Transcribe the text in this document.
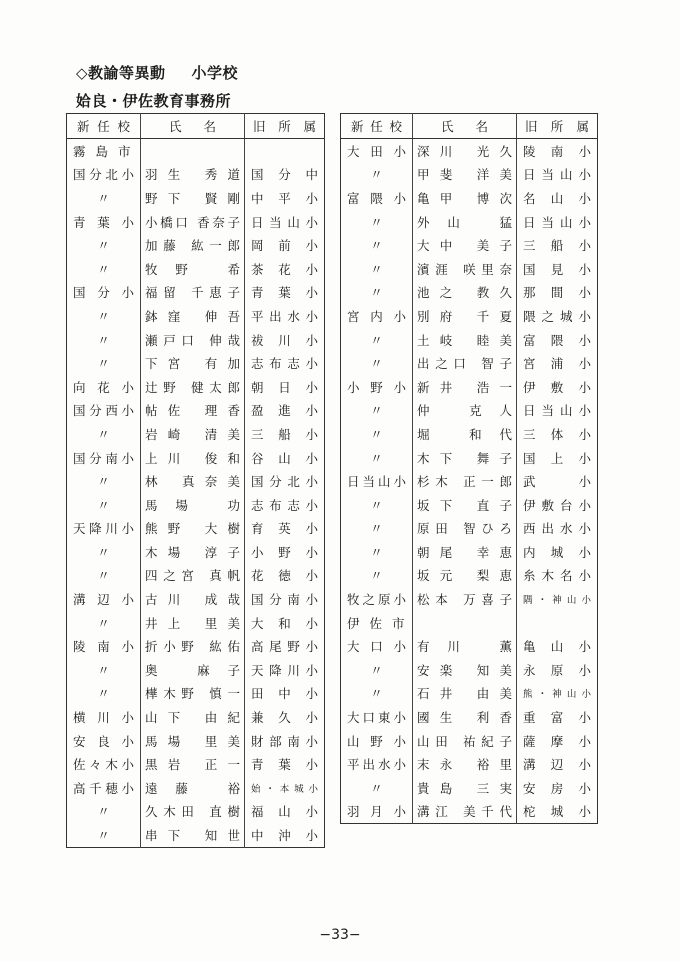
◇教諭等異動 小学校
姶良・伊佐教育事務所
新任校	氏名	旧所属
霧 島 市		
国分北小	羽生 秀道	国分中
〃	野下 賢剛	中平小
青葉小	小橋口 香奈子	日当山小
〃	加藤 紘一郎	岡前小
〃	牧野 希	茶花小
国分小	福留 千恵子	青葉小
〃	鉢窪 伸吾	平出水小
〃	瀬戸口 伸哉	祓川小
〃	下宮 有加	志布志小
向花小	辻野 健太郎	朝日小
国分西小	帖佐 理香	盈進小
〃	岩崎 清美	三船小
国分南小	上川 俊和	谷山小
〃	林 真奈美	国分北小
〃	馬場 功	志布志小
天降川小	熊野 大樹	育英小
〃	木場 淳子	小野小
〃	四之宮 真帆	花徳小
溝辺小	古川 成哉	国分南小
〃	井上 里美	大和小
陵南小	折小野 紘佑	高尾野小
〃	奥 麻子	天降川小
〃	樺木野 慎一	田中小
横川小	山下 由紀	兼久小
安良小	馬場 里美	財部南小
佐々木小	黒岩 正一	青葉小
高千穂小	遠藤 裕	始・本城小
〃	久木田 直樹	福山小
〃	串下 知世	中沖小
新任校	氏名	旧所属
大田小	深川 光久	陵南小
〃	甲斐 洋美	日当山小
富隈小	亀甲 博次	名山小
〃	外山 猛	日当山小
〃	大中 美子	三船小
〃	濱涯 咲里奈	国見小
〃	池之 教久	那間小
宮内小	別府 千夏	隈之城小
〃	土岐 睦美	富隈小
〃	出之口 智子	宮浦小
小野小	新井 浩一	伊敷小
〃	仲 克人	日当山小
〃	堀 和代	三体小
〃	木下 舞子	国上小
日当山小	杉木 正一郎	武小
〃	坂下 直子	伊敷台小
〃	原田 智ひろ	西出水小
〃	朝尾 幸恵	内城小
〃	坂元 梨恵	糸木名小
牧之原小	松本 万喜子	隅・神山小
伊 佐 市		
大口小	有川 薫	亀山小
〃	安楽 知美	永原小
〃	石井 由美	熊・神山小
大口東小	國生 利香	重富小
山野小	山田 祐紀子	薩摩小
平出水小	末永 裕里	溝辺小
〃	貴島 三実	安房小
羽月小	溝江 美千代	柁城小
−33−
